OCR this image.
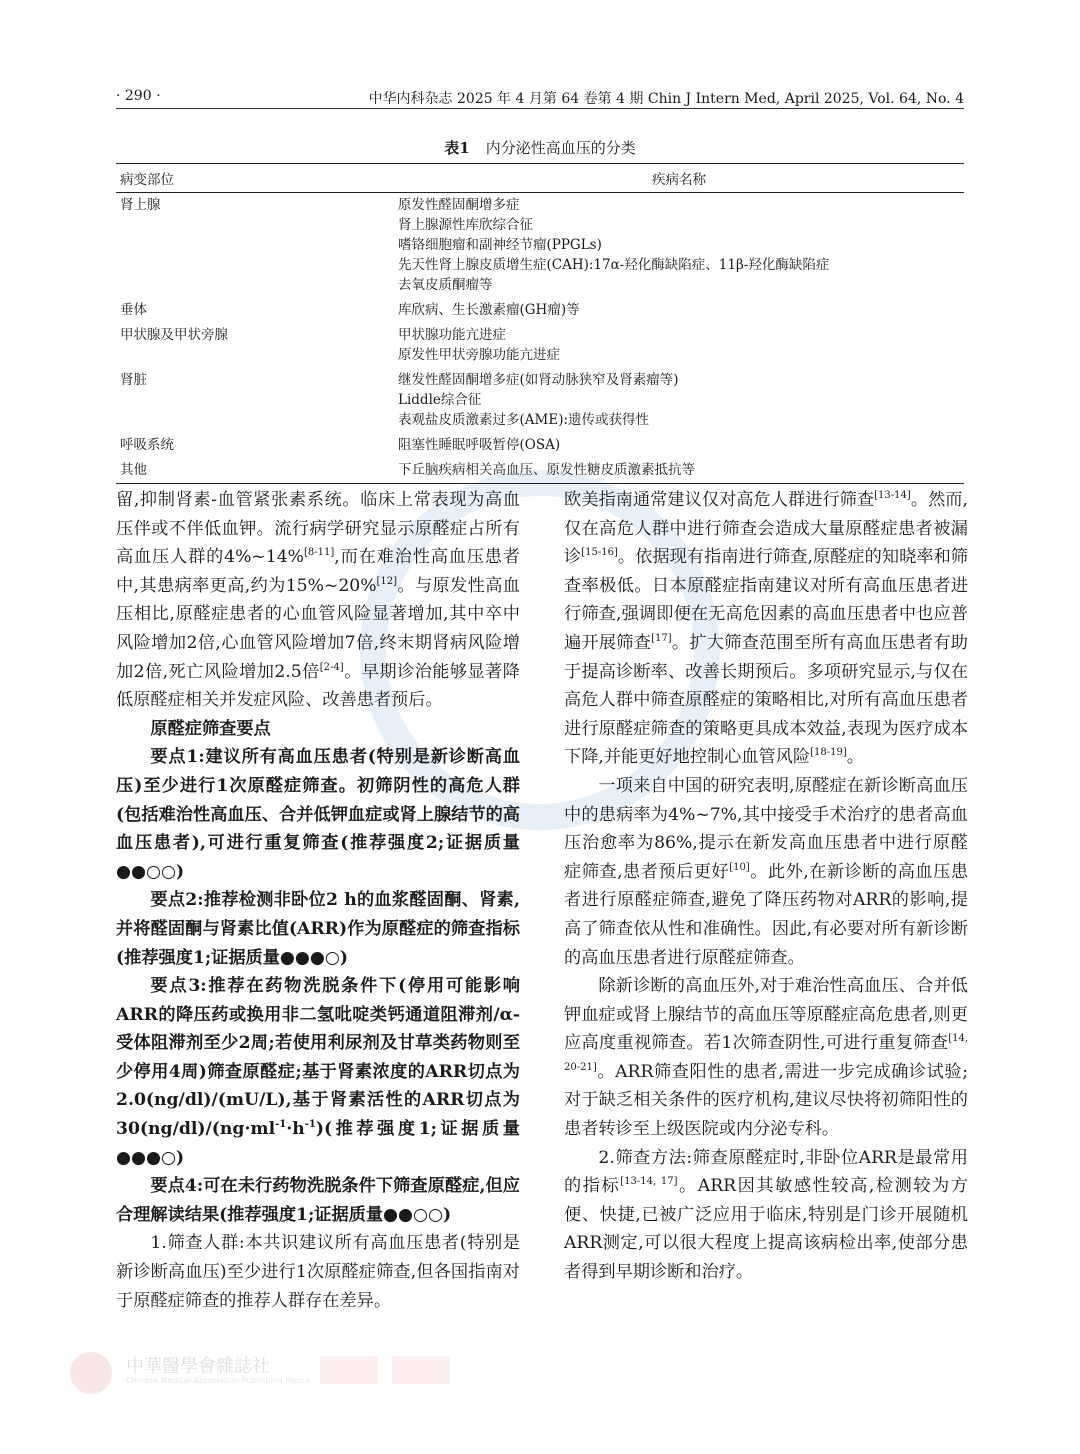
· 290 ·	中华内科杂志 2025 年 4 月第 64 卷第 4 期 Chin J Intern Med, April 2025, Vol. 64, No. 4
表1 内分泌性高血压的分类
病变部位	疾病名称
肾上腺	原发性醛固酮增多症
肾上腺源性库欣综合征
嗜铬细胞瘤和副神经节瘤(PPGLs)
先天性肾上腺皮质增生症(CAH):17α-羟化酶缺陷症、11β-羟化酶缺陷症
去氧皮质酮瘤等

垂体	库欣病、生长激素瘤(GH瘤)等

甲状腺及甲状旁腺	甲状腺功能亢进症
原发性甲状旁腺功能亢进症

肾脏	继发性醛固酮增多症(如肾动脉狭窄及肾素瘤等)
Liddle综合征
表观盐皮质激素过多(AME):遗传或获得性

呼吸系统	阻塞性睡眠呼吸暂停(OSA)

其他	下丘脑疾病相关高血压、原发性糖皮质激素抵抗等

留,抑制肾素-血管紧张素系统。临床上常表现为高血压伴或不伴低血钾。流行病学研究显示原醛症占所有高血压人群的4%~14%[8-11],而在难治性高血压患者中,其患病率更高,约为15%~20%[12]。与原发性高血压相比,原醛症患者的心血管风险显著增加,其中卒中风险增加2倍,心血管风险增加7倍,终末期肾病风险增加2倍,死亡风险增加2.5倍[2-4]。早期诊治能够显著降低原醛症相关并发症风险、改善患者预后。

原醛症筛查要点

要点1:建议所有高血压患者(特别是新诊断高血压)至少进行1次原醛症筛查。初筛阴性的高危人群(包括难治性高血压、合并低钾血症或肾上腺结节的高血压患者),可进行重复筛查(推荐强度2;证据质量●●○○)

要点2:推荐检测非卧位2 h的血浆醛固酮、肾素,并将醛固酮与肾素比值(ARR)作为原醛症的筛查指标(推荐强度1;证据质量●●●○)

要点3:推荐在药物洗脱条件下(停用可能影响ARR的降压药或换用非二氢吡啶类钙通道阻滞剂/α-受体阻滞剂至少2周;若使用利尿剂及甘草类药物则至少停用4周)筛查原醛症;基于肾素浓度的ARR切点为2.0(ng/dl)/(mU/L),基于肾素活性的ARR切点为$30(ng/dl)/(ng\cdot ml^{-1}\cdot h^{-1})$(推荐强度1;证据质量●●●○)

要点4:可在未行药物洗脱条件下筛查原醛症,但应合理解读结果(推荐强度1;证据质量●●○○)

1.筛查人群:本共识建议所有高血压患者(特别是新诊断高血压)至少进行1次原醛症筛查,但各国指南对于原醛症筛查的推荐人群存在差异。

欧美指南通常建议仅对高危人群进行筛查[13-14]。然而,仅在高危人群中进行筛查会造成大量原醛症患者被漏诊[15-16]。依据现有指南进行筛查,原醛症的知晓率和筛查率极低。日本原醛症指南建议对所有高血压患者进行筛查,强调即便在无高危因素的高血压患者中也应普遍开展筛查[17]。扩大筛查范围至所有高血压患者有助于提高诊断率、改善长期预后。多项研究显示,与仅在高危人群中筛查原醛症的策略相比,对所有高血压患者进行原醛症筛查的策略更具成本效益,表现为医疗成本下降,并能更好地控制心血管风险[18-19]。

一项来自中国的研究表明,原醛症在新诊断高血压中的患病率为4%~7%,其中接受手术治疗的患者高血压治愈率为86%,提示在新发高血压患者中进行原醛症筛查,患者预后更好[10]。此外,在新诊断的高血压患者进行原醛症筛查,避免了降压药物对ARR的影响,提高了筛查依从性和准确性。因此,有必要对所有新诊断的高血压患者进行原醛症筛查。

除新诊断的高血压外,对于难治性高血压、合并低钾血症或肾上腺结节的高血压等原醛症高危患者,则更应高度重视筛查。若1次筛查阴性,可进行重复筛查[14, 20-21]。ARR筛查阳性的患者,需进一步完成确诊试验;对于缺乏相关条件的医疗机构,建议尽快将初筛阳性的患者转诊至上级医院或内分泌专科。

2.筛查方法:筛查原醛症时,非卧位ARR是最常用的指标[13-14, 17]。ARR因其敏感性较高,检测较为方便、快捷,已被广泛应用于临床,特别是门诊开展随机ARR测定,可以很大程度上提高该病检出率,使部分患者得到早期诊断和治疗。

中華醫學會雜誌社
Chinese Medical Association Publishing House
